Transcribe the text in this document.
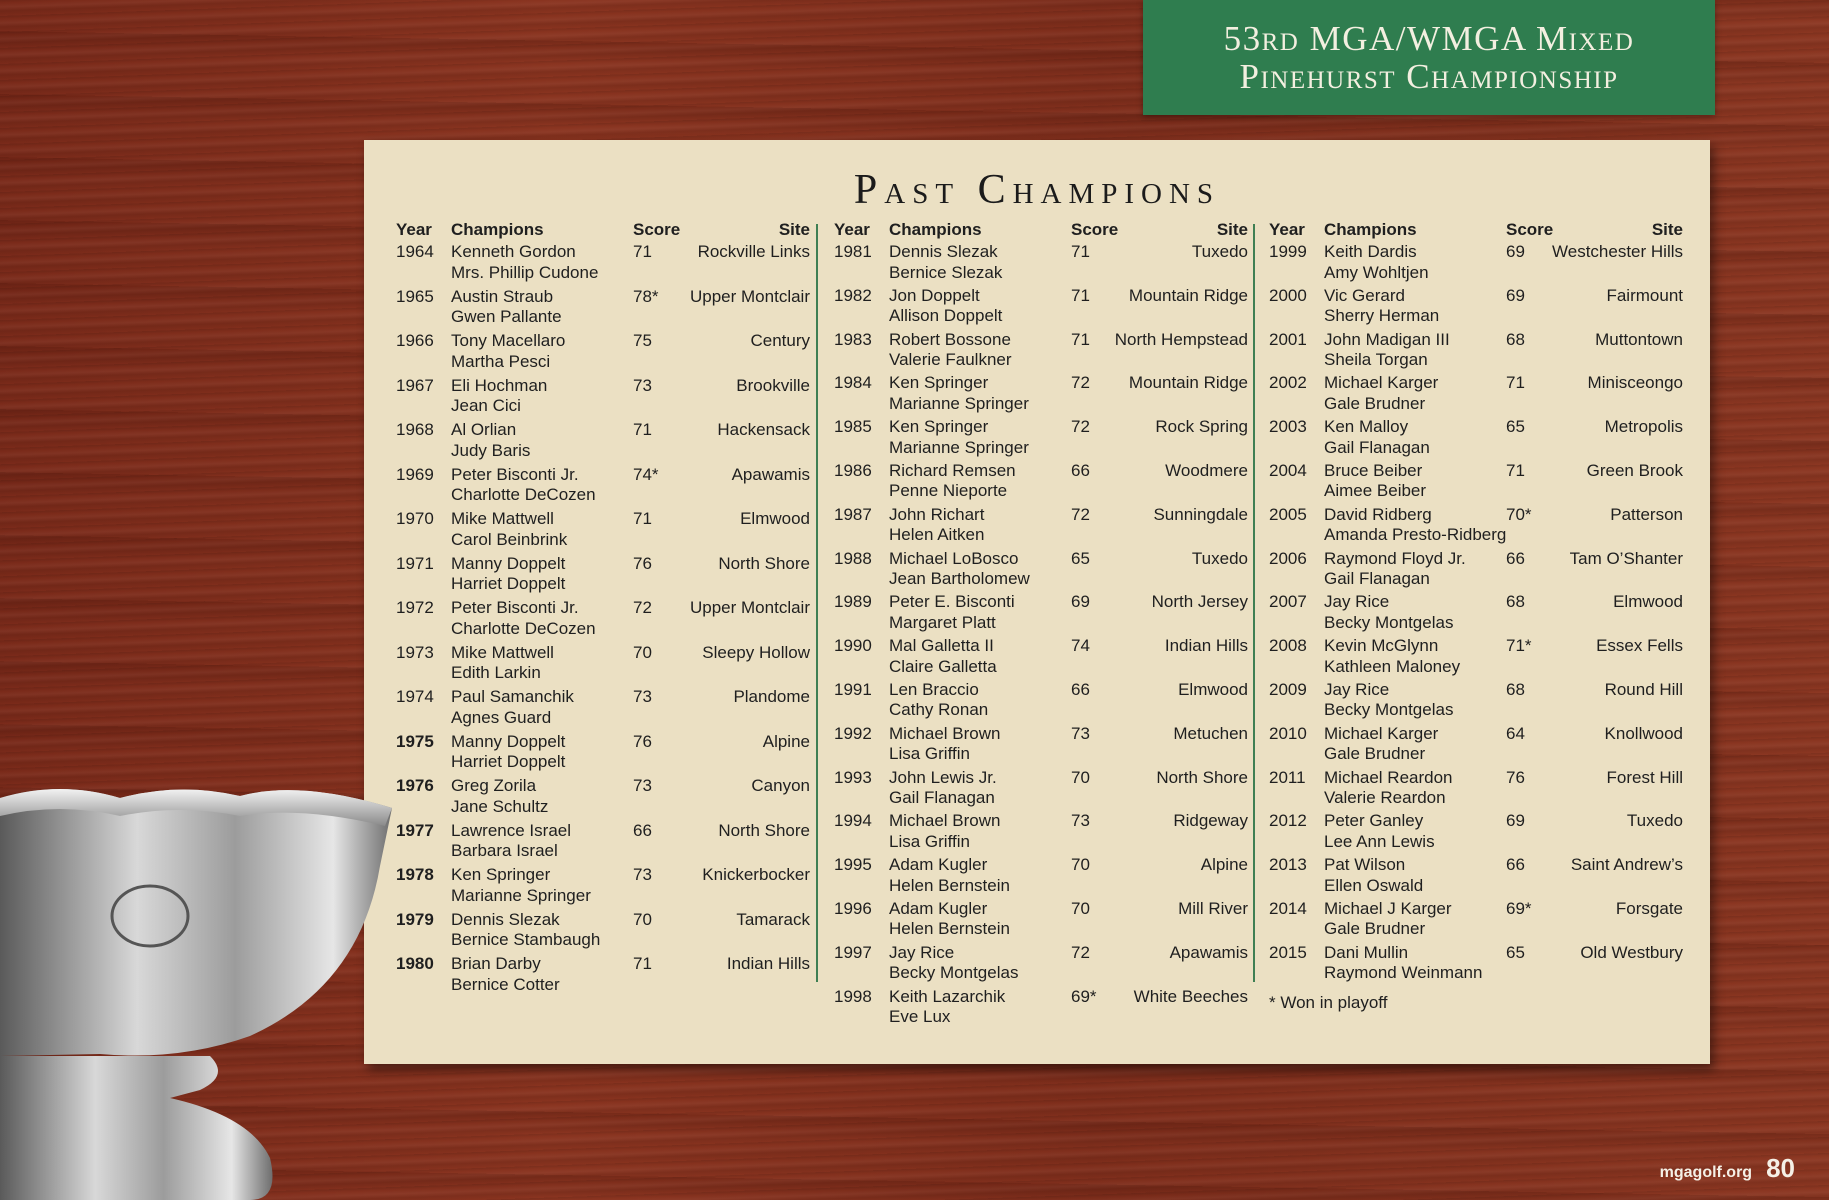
53rd MGA/WMGA Mixed
Pinehurst Championship
Past Champions
Year Champions	Score	Site
1964 Kenneth Gordon
Mrs. Phillip Cudone
71	Rockville Links
1965 Austin Straub
Gwen Pallante
78* Upper Montclair
1966 Tony Macellaro
Martha Pesci
75	Century
1967 Eli Hochman
Jean Cici
73	Brookville
1968 Al Orlian
Judy Baris
71	Hackensack
1969 Peter Bisconti Jr.
Charlotte DeCozen
74*	Apawamis
1970 Mike Mattwell
Carol Beinbrink
71	Elmwood
1971 Manny Doppelt
Harriet Doppelt
76	North Shore
1972 Peter Bisconti Jr.
Charlotte DeCozen
72 Upper Montclair
1973 Mike Mattwell
Edith Larkin
70	Sleepy Hollow
1974 Paul Samanchik
Agnes Guard
73	Plandome
1975 Manny Doppelt
Harriet Doppelt
76	Alpine
1976 Greg Zorila
Jane Schultz
73	Canyon
1977 Lawrence Israel
Barbara Israel
66	North Shore
1978 Ken Springer
Marianne Springer
73	Knickerbocker
1979 Dennis Slezak
Bernice Stambaugh
70	Tamarack
1980 Brian Darby
Bernice Cotter
71	Indian Hills
Year Champions	Score	Site
1981 Dennis Slezak
Bernice Slezak
71	Tuxedo
1982 Jon Doppelt
Allison Doppelt
71 Mountain Ridge
1983 Robert Bossone
Valerie Faulkner
71 North Hempstead
1984 Ken Springer
Marianne Springer
72 Mountain Ridge
1985 Ken Springer
Marianne Springer
72	Rock Spring
1986 Richard Remsen
Penne Nieporte
66	Woodmere
1987 John Richart
Helen Aitken
72	Sunningdale
1988 Michael LoBosco
Jean Bartholomew
65	Tuxedo
1989 Peter E. Bisconti
Margaret Platt
69	North Jersey
1990 Mal Galletta II
Claire Galletta
74	Indian Hills
1991 Len Braccio
Cathy Ronan
66	Elmwood
1992 Michael Brown
Lisa Griffin
73	Metuchen
1993 John Lewis Jr.
Gail Flanagan
70	North Shore
1994 Michael Brown
Lisa Griffin
73	Ridgeway
1995 Adam Kugler
Helen Bernstein
70	Alpine
1996 Adam Kugler
Helen Bernstein
70	Mill River
1997 Jay Rice
Becky Montgelas
72	Apawamis
1998 Keith Lazarchik
Eve Lux
69* White Beeches
Year Champions	Score	Site
1999 Keith Dardis
Amy Wohltjen
69 Westchester Hills
2000 Vic Gerard
Sherry Herman
69	Fairmount
2001 John Madigan III
Sheila Torgan
68	Muttontown
2002 Michael Karger
Gale Brudner
71	Minisceongo
2003 Ken Malloy
Gail Flanagan
65	Metropolis
2004 Bruce Beiber
Aimee Beiber
71	Green Brook
2005 David Ridberg
Amanda Presto-Ridberg
70*	Patterson
2006 Raymond Floyd Jr.
Gail Flanagan
66	Tam O’Shanter
2007 Jay Rice
Becky Montgelas
68	Elmwood
2008 Kevin McGlynn
Kathleen Maloney
71*	Essex Fells
2009 Jay Rice
Becky Montgelas
68	Round Hill
2010 Michael Karger
Gale Brudner
64	Knollwood
2011 Michael Reardon
Valerie Reardon
76	Forest Hill
2012 Peter Ganley
Lee Ann Lewis
69	Tuxedo
2013 Pat Wilson
Ellen Oswald
66	Saint Andrew’s
2014 Michael J Karger
Gale Brudner
69*	Forsgate
2015 Dani Mullin
Raymond Weinmann
65	Old Westbury
* Won in playoff
mgagolf.org 80
